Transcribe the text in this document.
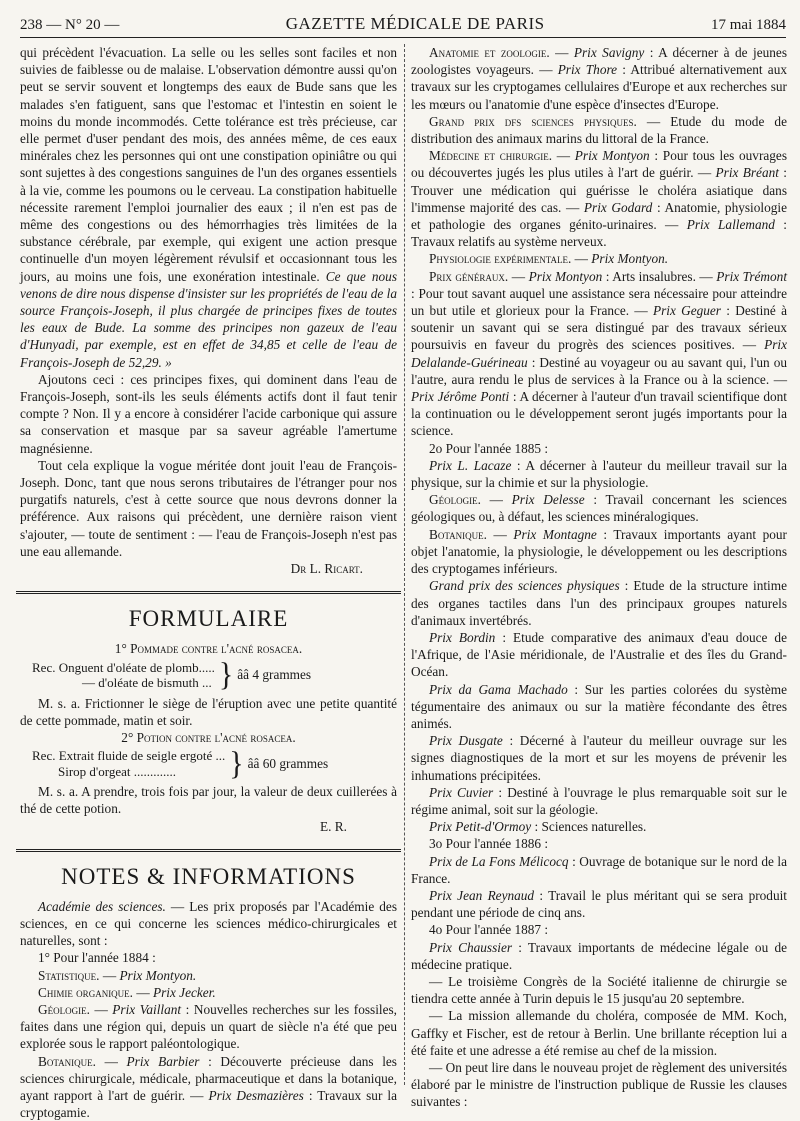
238 — N° 20 —	GAZETTE MÉDICALE DE PARIS	17 mai 1884

qui précèdent l'évacuation. La selle ou les selles sont faciles et non suivies de faiblesse ou de malaise. L'observation démontre aussi qu'on peut se servir souvent et longtemps des eaux de Bude sans que les malades s'en fatiguent, sans que l'estomac et l'intestin en soient le moins du monde incommodés. Cette tolérance est très précieuse, car elle permet d'user pendant des mois, des années même, de ces eaux minérales chez les personnes qui ont une constipation opiniâtre ou qui sont sujettes à des congestions sanguines de l'un des organes essentiels à la vie, comme les poumons ou le cerveau. La constipation habituelle nécessite rarement l'emploi journalier des eaux ; il n'en est pas de même des congestions ou des hémorrhagies très limitées de la substance cérébrale, par exemple, qui exigent une action presque continuelle d'un moyen légèrement révulsif et occasionnant tous les jours, au moins une fois, une exonération intestinale. Ce que nous venons de dire nous dispense d'insister sur les propriétés de l'eau de la source François-Joseph, il plus chargée de principes fixes de toutes les eaux de Bude. La somme des principes non gazeux de l'eau d'Hunyadi, par exemple, est en effet de 34,85 et celle de l'eau de François-Joseph de 52,29. »

Ajoutons ceci : ces principes fixes, qui dominent dans l'eau de François-Joseph, sont-ils les seuls éléments actifs dont il faut tenir compte ? Non. Il y a encore à considérer l'acide carbonique qui assure sa conservation et masque par sa saveur agréable l'amertume magnésienne.

Tout cela explique la vogue méritée dont jouit l'eau de François-Joseph. Donc, tant que nous serons tributaires de l'étranger pour nos purgatifs naturels, c'est à cette source que nous devrons donner la préférence. Aux raisons qui précèdent, une dernière raison vient s'ajouter, — toute de sentiment : — l'eau de François-Joseph n'est pas une eau allemande.

Dr L. Ricart.

FORMULAIRE

1° Pommade contre l'acné rosacea.

Rec. Onguent d'oléate de plomb.....
— d'oléate de bismuth ... } ââ 4 grammes

M. s. a. Frictionner le siège de l'éruption avec une petite quantité de cette pommade, matin et soir.

2° Potion contre l'acné rosacea.

Rec. Extrait fluide de seigle ergoté ...
Sirop d'orgeat .............	} ââ 60 grammes

M. s. a. A prendre, trois fois par jour, la valeur de deux cuillerées à thé de cette potion.

E. R.

NOTES & INFORMATIONS

Académie des sciences. — Les prix proposés par l'Académie des sciences, en ce qui concerne les sciences médico-chirurgicales et naturelles, sont :

1° Pour l'année 1884 :

Statistique. — Prix Montyon.

Chimie organique. — Prix Jecker.

Géologie. — Prix Vaillant : Nouvelles recherches sur les fossiles, faites dans une région qui, depuis un quart de siècle n'a été que peu explorée sous le rapport paléontologique.

Botanique. — Prix Barbier : Découverte précieuse dans les sciences chirurgicale, médicale, pharmaceutique et dans la botanique, ayant rapport à l'art de guérir. — Prix Desmazières : Travaux sur la cryptogamie.

Anatomie et zoologie. — Prix Savigny : A décerner à de jeunes zoologistes voyageurs. — Prix Thore : Attribué alternativement aux travaux sur les cryptogames cellulaires d'Europe et aux recherches sur les mœurs ou l'anatomie d'une espèce d'insectes d'Europe.

Grand prix dfs sciences physiques. — Etude du mode de distribution des animaux marins du littoral de la France.

Médecine et chirurgie. — Prix Montyon : Pour tous les ouvrages ou découvertes jugés les plus utiles à l'art de guérir. — Prix Bréant : Trouver une médication qui guérisse le choléra asiatique dans l'immense majorité des cas. — Prix Godard : Anatomie, physiologie et pathologie des organes génito-urinaires. — Prix Lallemand : Travaux relatifs au système nerveux.

Physiologie expérimentale. — Prix Montyon.

Prix généraux. — Prix Montyon : Arts insalubres. — Prix Trémont : Pour tout savant auquel une assistance sera nécessaire pour atteindre un but utile et glorieux pour la France. — Prix Geguer : Destiné à soutenir un savant qui se sera distingué par des travaux sérieux poursuivis en faveur du progrès des sciences positives. — Prix Delalande-Guérineau : Destiné au voyageur ou au savant qui, l'un ou l'autre, aura rendu le plus de services à la France ou à la science. — Prix Jérôme Ponti : A décerner à l'auteur d'un travail scientifique dont la continuation ou le développement seront jugés importants pour la science.

2o Pour l'année 1885 :

Prix L. Lacaze : A décerner à l'auteur du meilleur travail sur la physique, sur la chimie et sur la physiologie.

Géologie. — Prix Delesse : Travail concernant les sciences géologiques ou, à défaut, les sciences minéralogiques.

Botanique. — Prix Montagne : Travaux importants ayant pour objet l'anatomie, la physiologie, le développement ou les descriptions des cryptogames inférieurs.

Grand prix des sciences physiques : Etude de la structure intime des organes tactiles dans l'un des principaux groupes naturels d'animaux invertébrés.

Prix Bordin : Etude comparative des animaux d'eau douce de l'Afrique, de l'Asie méridionale, de l'Australie et des îles du Grand-Océan.

Prix da Gama Machado : Sur les parties colorées du système tégumentaire des animaux ou sur la matière fécondante des êtres animés.

Prix Dusgate : Décerné à l'auteur du meilleur ouvrage sur les signes diagnostiques de la mort et sur les moyens de prévenir les inhumations précipitées.

Prix Cuvier : Destiné à l'ouvrage le plus remarquable soit sur le régime animal, soit sur la géologie.

Prix Petit-d'Ormoy : Sciences naturelles.

3o Pour l'année 1886 :

Prix de La Fons Mélicocq : Ouvrage de botanique sur le nord de la France.

Prix Jean Reynaud : Travail le plus méritant qui se sera produit pendant une période de cinq ans.

4o Pour l'année 1887 :

Prix Chaussier : Travaux importants de médecine légale ou de médecine pratique.

— Le troisième Congrès de la Société italienne de chirurgie se tiendra cette année à Turin depuis le 15 jusqu'au 20 septembre.

— La mission allemande du choléra, composée de MM. Koch, Gaffky et Fischer, est de retour à Berlin. Une brillante réception lui a été faite et une adresse a été remise au chef de la mission.

— On peut lire dans le nouveau projet de règlement des universités élaboré par le ministre de l'instruction publique de Russie les clauses suivantes :
